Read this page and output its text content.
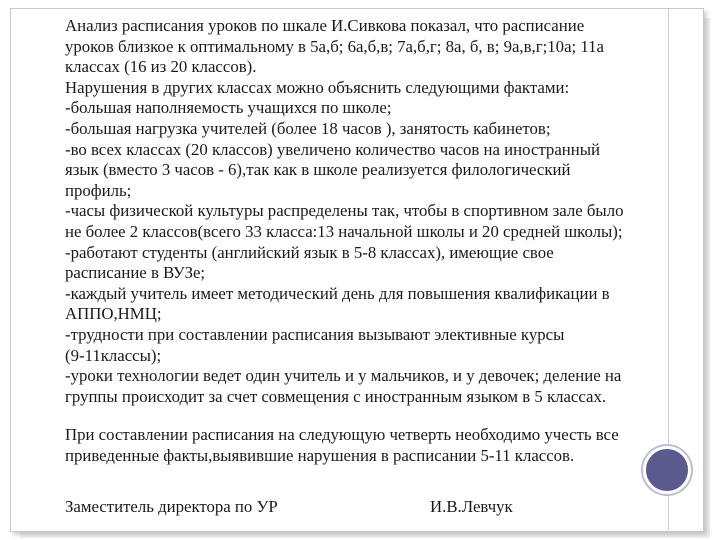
Анализ расписания уроков по шкале И.Сивкова показал, что расписание

уроков близкое к оптимальному в 5а,б; 6а,б,в; 7а,б,г; 8а, б, в; 9а,в,г;10а; 11а

классах (16 из 20 классов).

Нарушения в других классах можно объяснить следующими фактами:

-большая наполняемость учащихся по школе;

-большая нагрузка учителей (более 18 часов ), занятость кабинетов;

-во всех классах (20 классов) увеличено количество часов на иностранный

язык (вместо 3 часов - 6),так как в школе реализуется филологический

профиль;

-часы физической культуры распределены так, чтобы в спортивном зале было

не более 2 классов(всего 33 класса:13 начальной школы и 20 средней школы);

-работают студенты (английский язык в 5-8 классах), имеющие свое

расписание в ВУЗе;

-каждый учитель имеет методический день для повышения квалификации в

АППО,НМЦ;

-трудности при составлении расписания вызывают элективные курсы

(9-11классы);

-уроки технологии ведет один учитель и у мальчиков, и у девочек; деление на

группы происходит за счет совмещения с иностранным языком в 5 классах.

При составлении расписания на следующую четверть необходимо учесть все

приведенные факты,выявившие нарушения в расписании 5-11 классов.

Заместитель директора по УР	И.В.Левчук
